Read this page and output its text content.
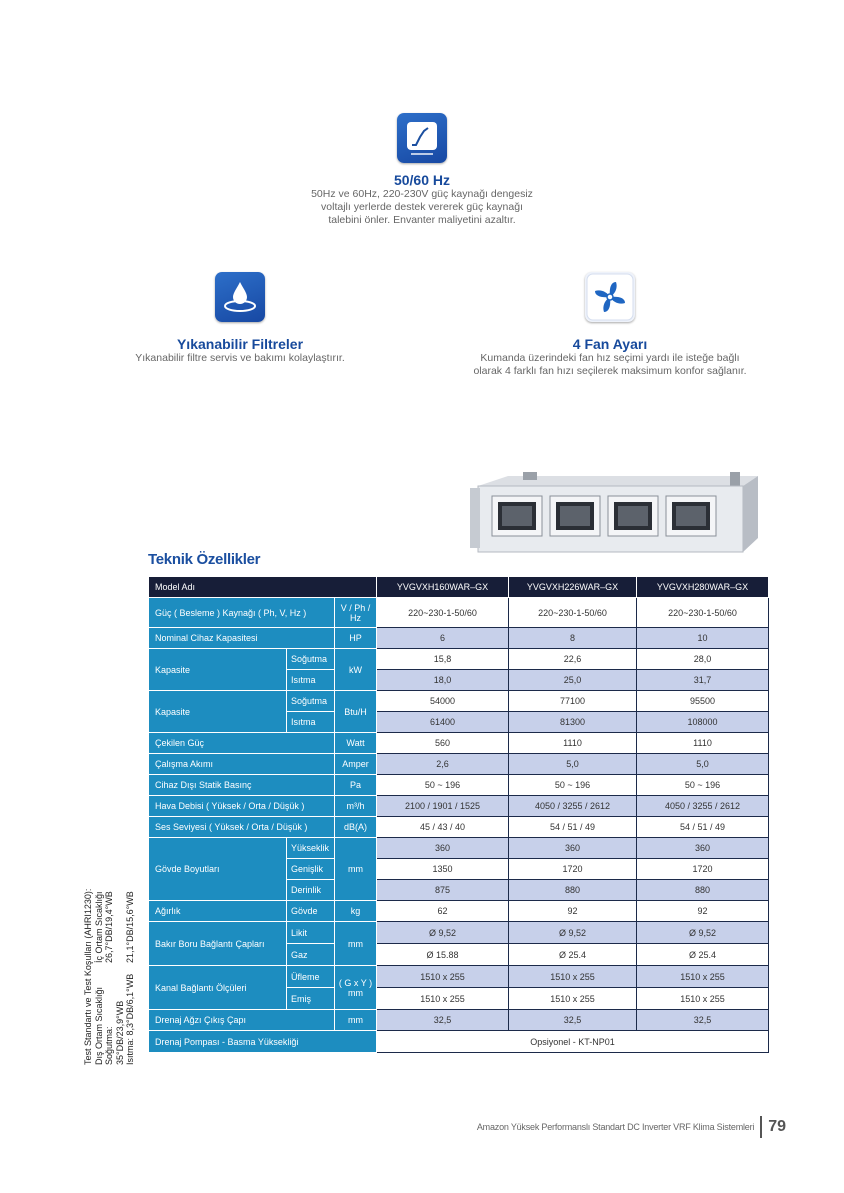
50/60 Hz
50Hz ve 60Hz, 220-230V güç kaynağı dengesiz
voltajlı yerlerde destek vererek güç kaynağı
talebini önler. Envanter maliyetini azaltır.
Yıkanabilir Filtreler
Yıkanabilir filtre servis ve bakımı kolaylaştırır.
4 Fan Ayarı
Kumanda üzerindeki fan hız seçimi yardı ile isteğe bağlı
olarak 4 farklı fan hızı seçilerek maksimum konfor sağlanır.
Teknik Özellikler
Model Adı			YVGVXH160WAR–GX	YVGVXH226WAR–GX	YVGVXH280WAR–GX
Güç ( Besleme ) Kaynağı ( Ph, V, Hz )		V / Ph / Hz	220~230-1-50/60	220~230-1-50/60	220~230-1-50/60
Nominal Cihaz Kapasitesi		HP	6	8	10
Kapasite	Soğutma	kW	15,8	22,6	28,0
	Isıtma		18,0	25,0	31,7
Kapasite	Soğutma	Btu/H	54000	77100	95500
	Isıtma		61400	81300	108000
Çekilen Güç		Watt	560	1110	1110
Çalışma Akımı		Amper	2,6	5,0	5,0
Cihaz Dışı Statik Basınç		Pa	50 ~ 196	50 ~ 196	50 ~ 196
Hava Debisi ( Yüksek / Orta / Düşük )		m³/h	2100 / 1901 / 1525	4050 / 3255 / 2612	4050 / 3255 / 2612
Ses Seviyesi ( Yüksek / Orta / Düşük )		dB(A)	45 / 43 / 40	54 / 51 / 49	54 / 51 / 49
Gövde Boyutları	Yükseklik	mm	360	360	360
	Genişlik		1350	1720	1720
	Derinlik		875	880	880
Ağırlık	Gövde	kg	62	92	92
Bakır Boru Bağlantı Çapları	Likit	mm	Ø 9,52	Ø 9,52	Ø 9,52
	Gaz		Ø 15.88	Ø 25.4	Ø 25.4
Kanal Bağlantı Ölçüleri	Üfleme	( G x Y ) mm	1510 x 255	1510 x 255	1510 x 255
	Emiş		1510 x 255	1510 x 255	1510 x 255
Drenaj Ağzı Çıkış Çapı		mm	32,5	32,5	32,5
Drenaj Pompası - Basma Yüksekliği			Opsiyonel - KT-NP01		
Test Standartı ve Test Koşulları (AHRI1230): Dış Ortam Sıcaklığı
İç Ortam Sıcaklığı
Soğutma: 35°DB/23,9°WB
26,7°DB/19,4°WB
Isıtma: 8,3°DB/6,1°WB
21,1°DB/15,6°WB
Amazon Yüksek Performanslı Standart DC Inverter VRF Klima Sistemleri 79
